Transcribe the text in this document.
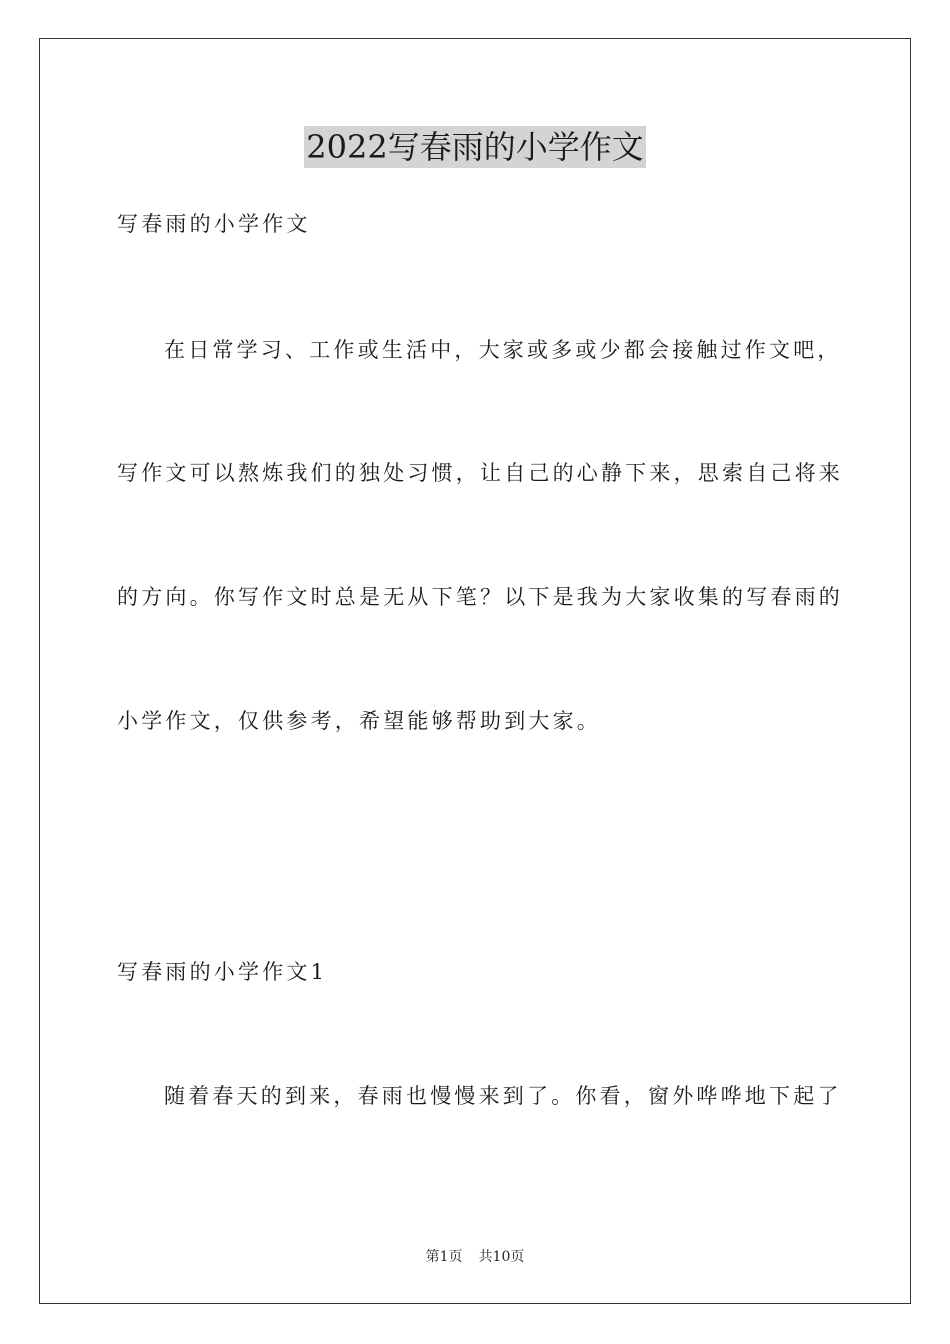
2022写春雨的小学作文
写春雨的小学作文
在日常学习、工作或生活中，大家或多或少都会接触过作文吧，
写作文可以熬炼我们的独处习惯，让自己的心静下来，思索自己将来
的方向。你写作文时总是无从下笔？以下是我为大家收集的写春雨的
小学作文，仅供参考，希望能够帮助到大家。
写春雨的小学作文1
随着春天的到来，春雨也慢慢来到了。你看，窗外哗哗地下起了
第1页 共10页
